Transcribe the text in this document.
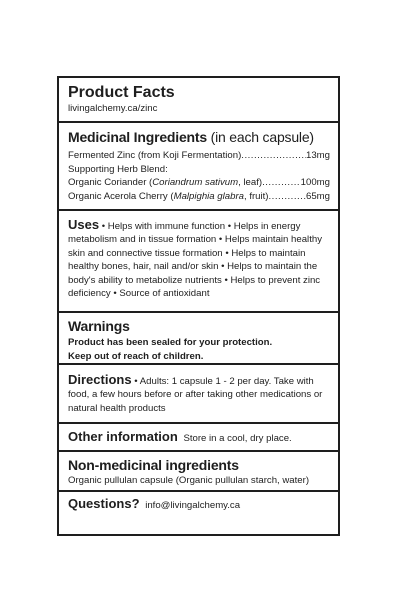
Product Facts
livingalchemy.ca/zinc
Medicinal Ingredients (in each capsule)
Fermented Zinc (from Koji Fermentation) .....	13mg
Supporting Herb Blend:
Organic Coriander (Coriandrum sativum, leaf) .....	100mg
Organic Acerola Cherry (Malpighia glabra, fruit) .....	65mg
Uses • Helps with immune function • Helps in energy metabolism and in tissue formation • Helps maintain healthy skin and connective tissue formation • Helps to maintain healthy bones, hair, nail and/or skin • Helps to maintain the body's ability to metabolize nutrients • Helps to prevent zinc deficiency • Source of antioxidant
Warnings
Product has been sealed for your protection.
Keep out of reach of children.
Directions • Adults: 1 capsule 1 - 2 per day. Take with food, a few hours before or after taking other medications or natural health products
Other information Store in a cool, dry place.
Non-medicinal ingredients
Organic pullulan capsule (Organic pullulan starch, water)
Questions? info@livingalchemy.ca
